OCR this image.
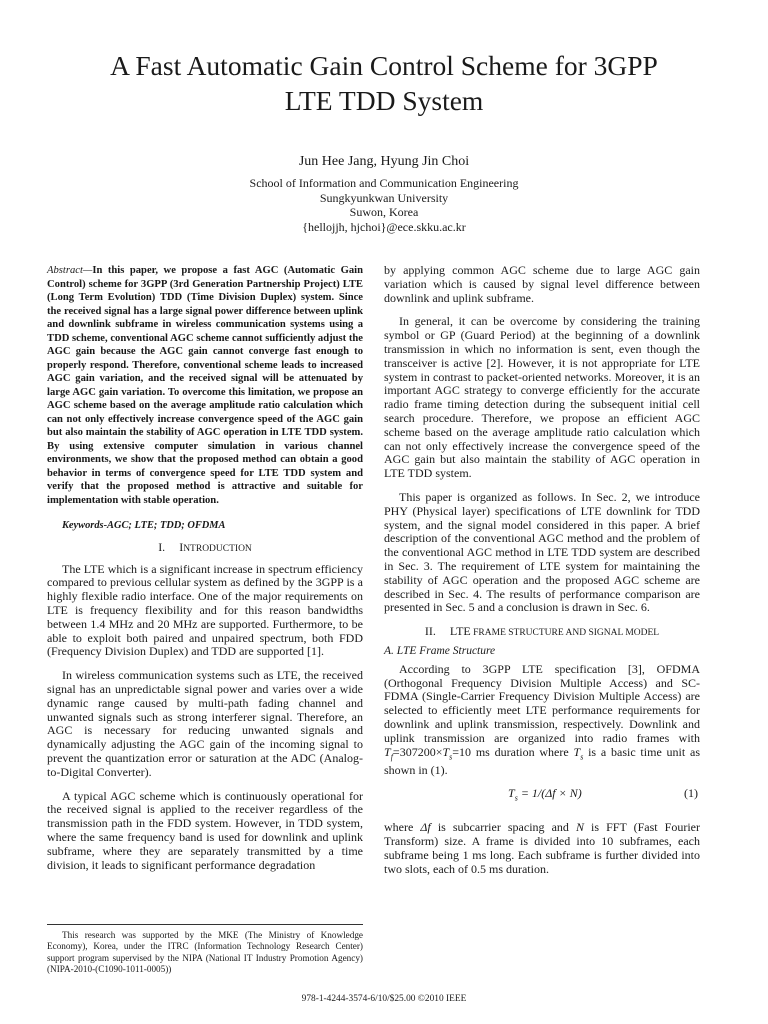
A Fast Automatic Gain Control Scheme for 3GPP
LTE TDD System
Jun Hee Jang, Hyung Jin Choi
School of Information and Communication Engineering
Sungkyunkwan University
Suwon, Korea
{hellojjh, hjchoi}@ece.skku.ac.kr

Abstract—In this paper, we propose a fast AGC (Automatic Gain Control) scheme for 3GPP (3rd Generation Partnership Project) LTE (Long Term Evolution) TDD (Time Division Duplex) system. Since the received signal has a large signal power difference between uplink and downlink subframe in wireless communication systems using a TDD scheme, conventional AGC scheme cannot sufficiently adjust the AGC gain because the AGC gain cannot converge fast enough to properly respond. Therefore, conventional scheme leads to increased AGC gain variation, and the received signal will be attenuated by large AGC gain variation. To overcome this limitation, we propose an AGC scheme based on the average amplitude ratio calculation which can not only effectively increase convergence speed of the AGC gain but also maintain the stability of AGC operation in LTE TDD system. By using extensive computer simulation in various channel environments, we show that the proposed method can obtain a good behavior in terms of convergence speed for LTE TDD system and verify that the proposed method is attractive and suitable for implementation with stable operation.

Keywords-AGC; LTE; TDD; OFDMA

I. INTRODUCTION

The LTE which is a significant increase in spectrum efficiency compared to previous cellular system as defined by the 3GPP is a highly flexible radio interface. One of the major requirements on LTE is frequency flexibility and for this reason bandwidths between 1.4 MHz and 20 MHz are supported. Furthermore, to be able to exploit both paired and unpaired spectrum, both FDD (Frequency Division Duplex) and TDD are supported [1].

In wireless communication systems such as LTE, the received signal has an unpredictable signal power and varies over a wide dynamic range caused by multi-path fading channel and unwanted signals such as strong interferer signal. Therefore, an AGC is necessary for reducing unwanted signals and dynamically adjusting the AGC gain of the incoming signal to prevent the quantization error or saturation at the ADC (Analog-to-Digital Converter).

A typical AGC scheme which is continuously operational for the received signal is applied to the receiver regardless of the transmission path in the FDD system. However, in TDD system, where the same frequency band is used for downlink and uplink subframe, where they are separately transmitted by a time division, it leads to significant performance degradation

by applying common AGC scheme due to large AGC gain variation which is caused by signal level difference between downlink and uplink subframe.

In general, it can be overcome by considering the training symbol or GP (Guard Period) at the beginning of a downlink transmission in which no information is sent, even though the transceiver is active [2]. However, it is not appropriate for LTE system in contrast to packet-oriented networks. Moreover, it is an important AGC strategy to converge efficiently for the accurate radio frame timing detection during the subsequent initial cell search procedure. Therefore, we propose an efficient AGC scheme based on the average amplitude ratio calculation which can not only effectively increase the convergence speed of the AGC gain but also maintain the stability of AGC operation in LTE TDD system.

This paper is organized as follows. In Sec. 2, we introduce PHY (Physical layer) specifications of LTE downlink for TDD system, and the signal model considered in this paper. A brief description of the conventional AGC method and the problem of the conventional AGC method in LTE TDD system are described in Sec. 3. The requirement of LTE system for maintaining the stability of AGC operation and the proposed AGC scheme are described in Sec. 4. The results of performance comparison are presented in Sec. 5 and a conclusion is drawn in Sec. 6.

II. LTE FRAME STRUCTURE AND SIGNAL MODEL
A. LTE Frame Structure

According to 3GPP LTE specification [3], OFDMA (Orthogonal Frequency Division Multiple Access) and SC-FDMA (Single-Carrier Frequency Division Multiple Access) are selected to efficiently meet LTE performance requirements for downlink and uplink transmission, respectively. Downlink and uplink transmission are organized into radio frames with $T_f=307200\times T_s=10$ ms duration where $T_s$ is a basic time unit as shown in (1).

$T_s = 1/(\Delta f \times N)$	(1)

where Δf is subcarrier spacing and N is FFT (Fast Fourier Transform) size. A frame is divided into 10 subframes, each subframe being 1 ms long. Each subframe is further divided into two slots, each of 0.5 ms duration.

This research was supported by the MKE (The Ministry of Knowledge Economy), Korea, under the ITRC (Information Technology Research Center) support program supervised by the NIPA (National IT Industry Promotion Agency) (NIPA-2010-(C1090-1011-0005))
978-1-4244-3574-6/10/$25.00 ©2010 IEEE
